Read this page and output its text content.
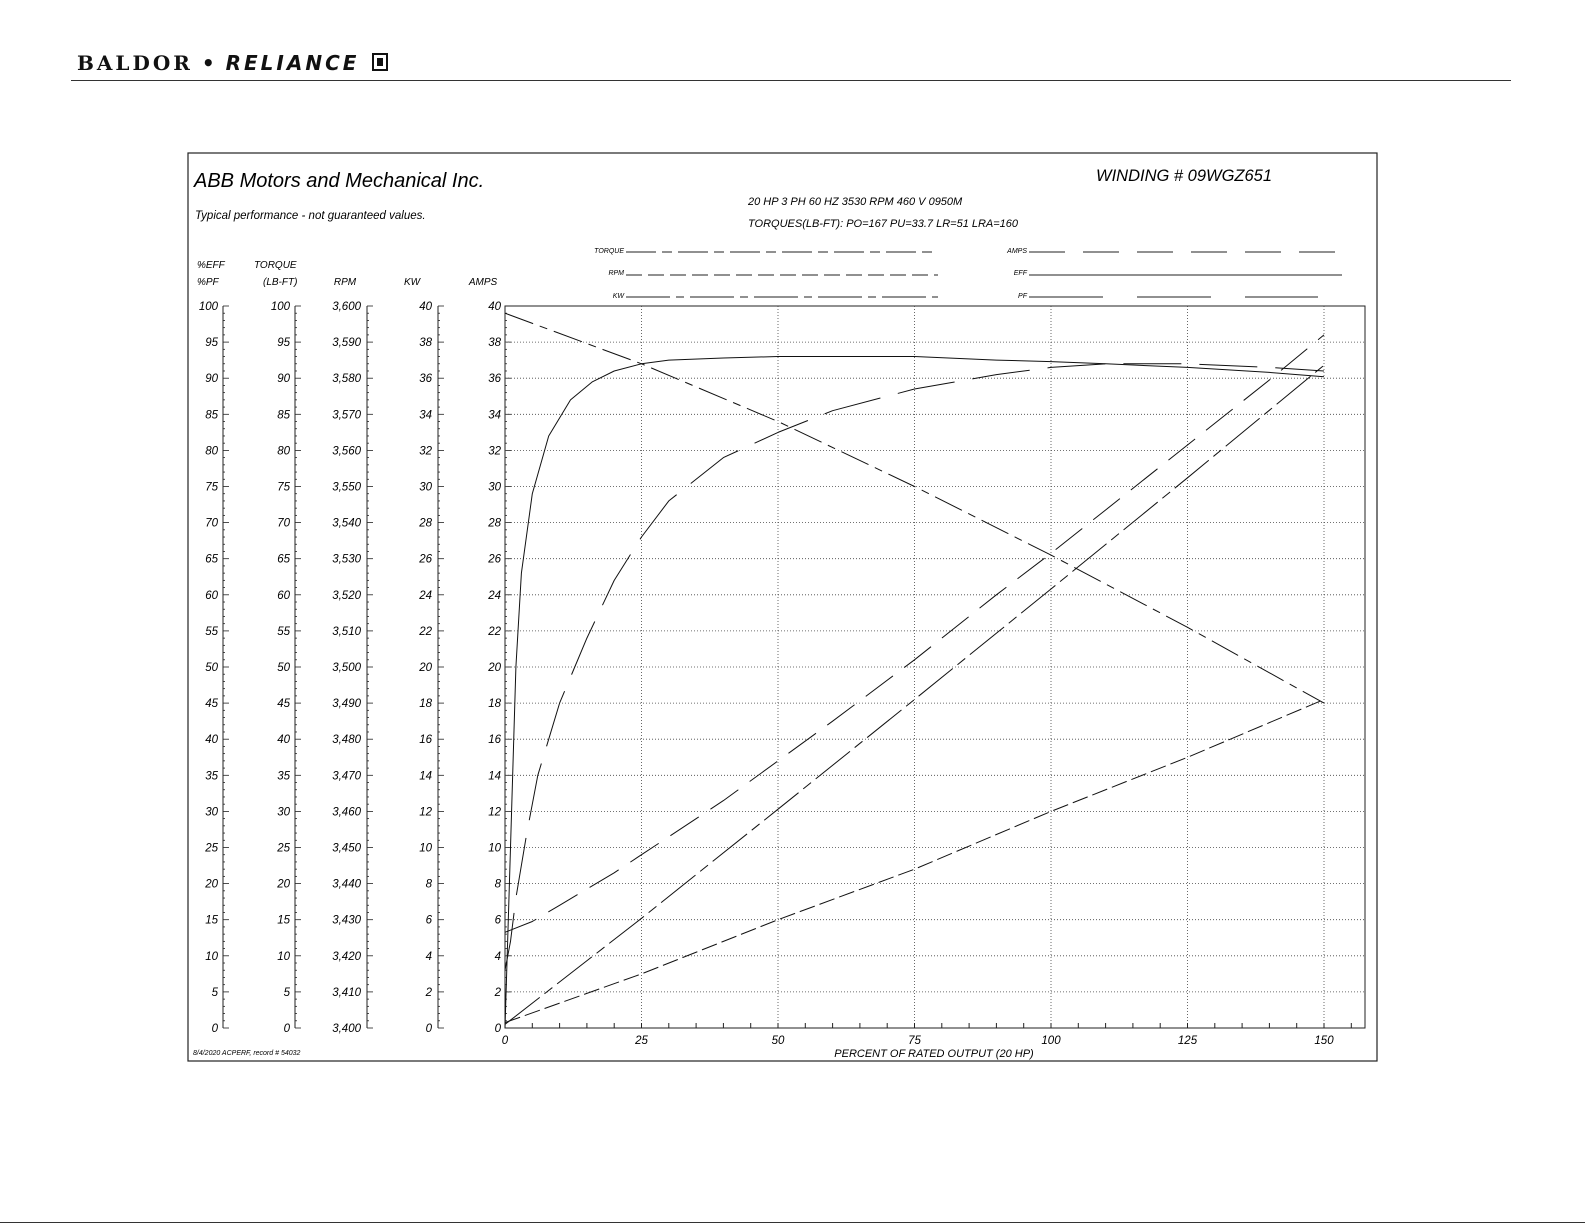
BALDOR • RELIANCE
ABB Motors and Mechanical Inc.
Typical performance - not guaranteed values.
WINDING # 09WGZ651
20 HP 3 PH 60 HZ 3530 RPM 460 V 0950M
TORQUES(LB-FT): PO=167 PU=33.7 LR=51 LRA=160
TORQUE
RPM
KW
AMPS
EFF
PF
%EFF
%PF
0
5
10
15
20
25
30
35
40
45
50
55
60
65
70
75
80
85
90
95
100
TORQUE
(LB-FT)
0
5
10
15
20
25
30
35
40
45
50
55
60
65
70
75
80
85
90
95
100
RPM
3,400
3,410
3,420
3,430
3,440
3,450
3,460
3,470
3,480
3,490
3,500
3,510
3,520
3,530
3,540
3,550
3,560
3,570
3,580
3,590
3,600
KW
0
2
4
6
8
10
12
14
16
18
20
22
24
26
28
30
32
34
36
38
40
AMPS
0
2
4
6
8
10
12
14
16
18
20
22
24
26
28
30
32
34
36
38
40
0	25	50	75	100	125	150
PERCENT OF RATED OUTPUT (20 HP)
8/4/2020 ACPERF, record # 54032
